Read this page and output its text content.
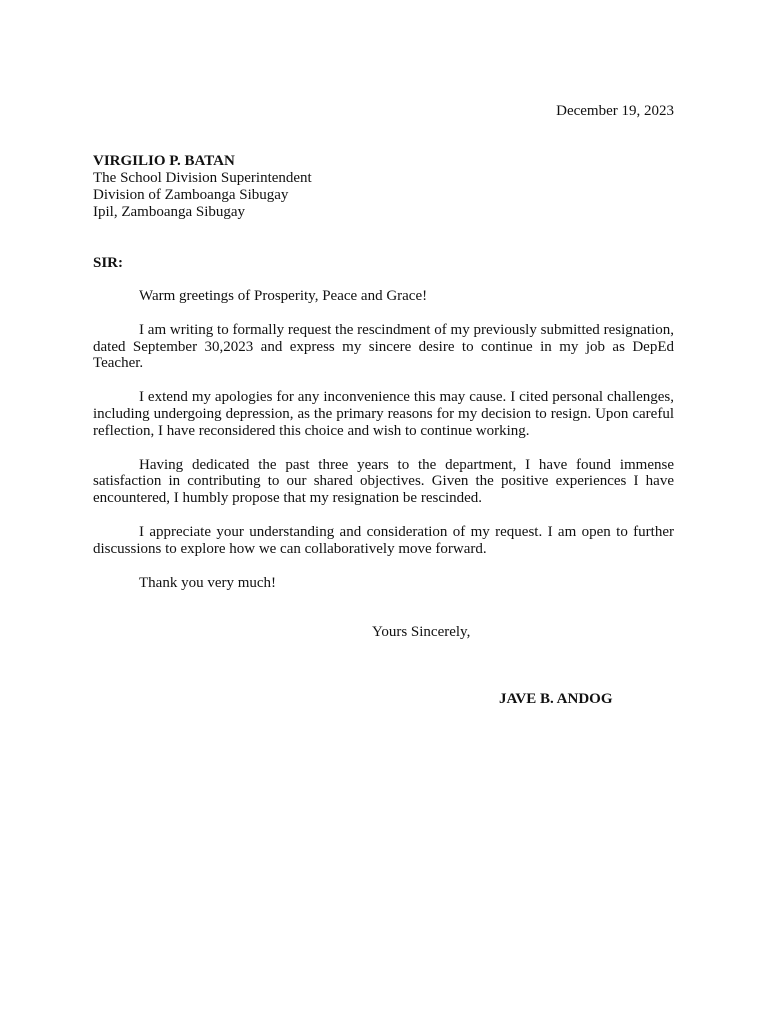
December 19, 2023
VIRGILIO P. BATAN
The School Division Superintendent
Division of Zamboanga Sibugay
Ipil, Zamboanga Sibugay
SIR:

Warm greetings of Prosperity, Peace and Grace!

I am writing to formally request the rescindment of my previously submitted resignation, dated September 30,2023 and express my sincere desire to continue in my job as DepEd Teacher.

I extend my apologies for any inconvenience this may cause. I cited personal challenges, including undergoing depression, as the primary reasons for my decision to resign. Upon careful reflection, I have reconsidered this choice and wish to continue working.

Having dedicated the past three years to the department, I have found immense satisfaction in contributing to our shared objectives. Given the positive experiences I have encountered, I humbly propose that my resignation be rescinded.

I appreciate your understanding and consideration of my request. I am open to further discussions to explore how we can collaboratively move forward.

Thank you very much!

Yours Sincerely,
JAVE B. ANDOG
